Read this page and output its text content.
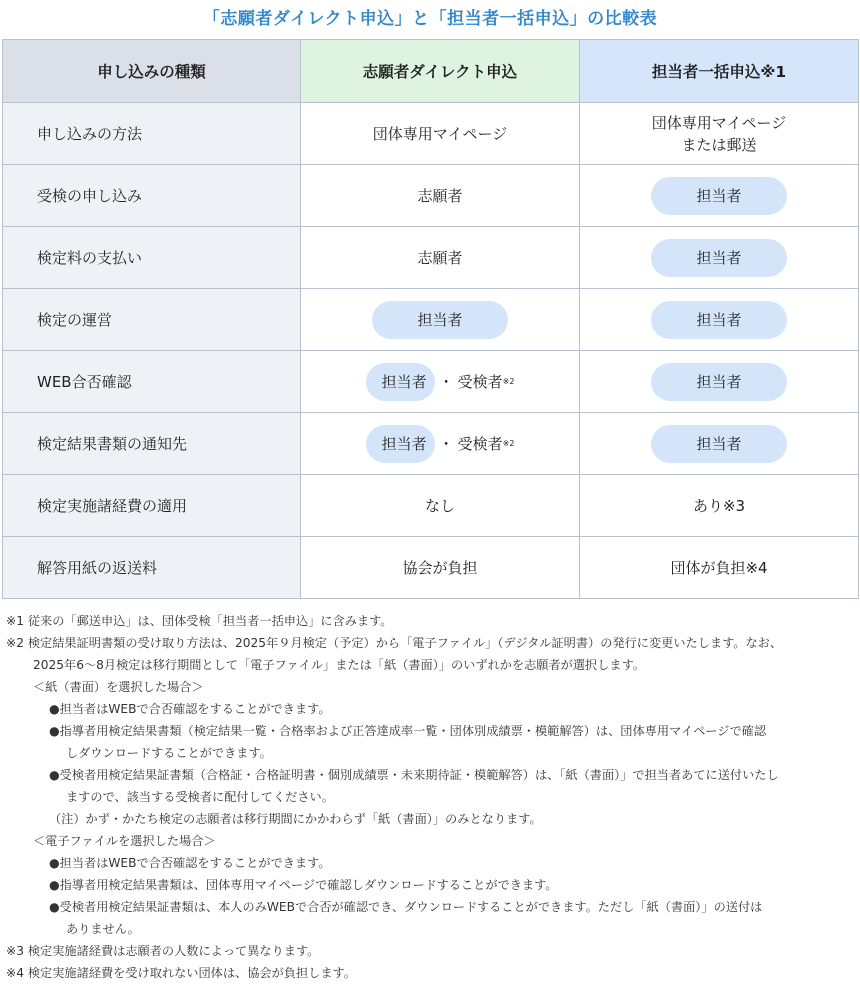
「志願者ダイレクト申込」と「担当者一括申込」の比較表
申し込みの種類	志願者ダイレクト申込	担当者一括申込※1
申し込みの方法	団体専用マイページ	団体専用マイページ
または郵送
受検の申し込み	志願者	担当者
検定料の支払い	志願者	担当者
検定の運営	担当者	担当者
WEB合否確認	担当者 ・ 受検者 ※2	担当者
検定結果書類の通知先	担当者 ・ 受検者 ※2	担当者
検定実施諸経費の適用	なし	あり※3
解答用紙の返送料	協会が負担	団体が負担※4
※1 従来の「郵送申込」は、団体受検「担当者一括申込」に含みます。
※2 検定結果証明書類の受け取り方法は、2025年９月検定（予定）から「電子ファイル」（デジタル証明書）の発行に変更いたします。なお、
2025年6〜8月検定は移行期間として「電子ファイル」または「紙（書面）」のいずれかを志願者が選択します。
＜紙（書面）を選択した場合＞
●担当者はWEBで合否確認をすることができます。
●指導者用検定結果書類（検定結果一覧・合格率および正答達成率一覧・団体別成績票・模範解答）は、団体専用マイページで確認
しダウンロードすることができます。
●受検者用検定結果証書類（合格証・合格証明書・個別成績票・未来期待証・模範解答）は、「紙（書面）」で担当者あてに送付いたし
ますので、該当する受検者に配付してください。
（注）かず・かたち検定の志願者は移行期間にかかわらず「紙（書面）」のみとなります。
＜電子ファイルを選択した場合＞
●担当者はWEBで合否確認をすることができます。
●指導者用検定結果書類は、団体専用マイページで確認しダウンロードすることができます。
●受検者用検定結果証書類は、本人のみWEBで合否が確認でき、ダウンロードすることができます。ただし「紙（書面）」の送付は
ありません。
※3 検定実施諸経費は志願者の人数によって異なります。
※4 検定実施諸経費を受け取れない団体は、協会が負担します。
